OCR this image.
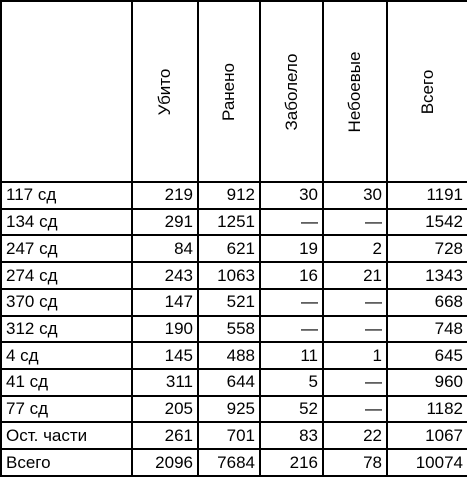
	Убито	Ранено	Заболело	Небоевые	Всего

117 сд	219	912	30	30	1191
134 сд	291	1251	—	—	1542
247 сд	84	621	19	2	728
274 сд	243	1063	16	21	1343
370 сд	147	521	—	—	668
312 сд	190	558	—	—	748
4 сд	145	488	11	1	645
41 сд	311	644	5	—	960
77 сд	205	925	52	—	1182
Ост. части	261	701	83	22	1067
Всего	2096	7684	216	78	10074
